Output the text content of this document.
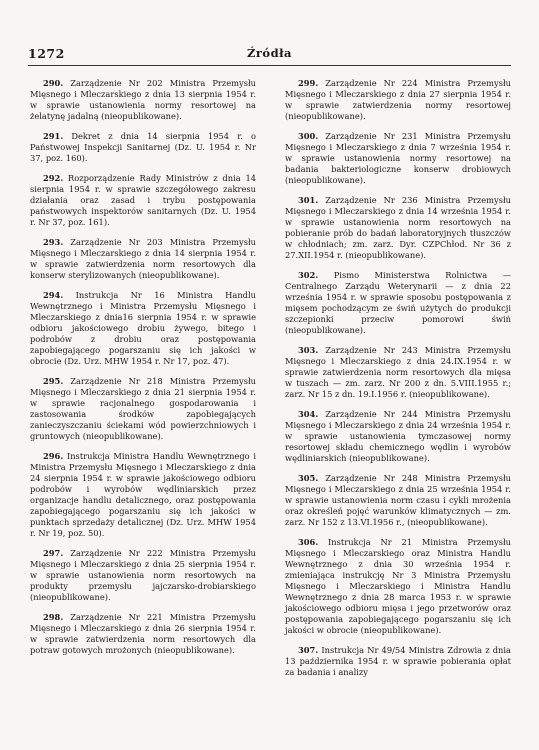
1272	Źródła

290. Zarządzenie Nr 202 Ministra Przemysłu Mięsnego i Mleczarskiego z dnia 13 sierpnia 1954 r. w sprawie ustanowienia normy resortowej na żelatynę jadalną (nieopublikowane).

291. Dekret z dnia 14 sierpnia 1954 r. o Państwowej Inspekcji Sanitarnej (Dz. U. 1954 r. Nr 37, poz. 160).

292. Rozporządzenie Rady Ministrów z dnia 14 sierpnia 1954 r. w sprawie szczegółowego zakresu działania oraz zasad i trybu postępowania państwowych inspektorów sanitarnych (Dz. U. 1954 r. Nr 37, poz. 161).

293. Zarządzenie Nr 203 Ministra Przemysłu Mięsnego i Mleczarskiego z dnia 14 sierpnia 1954 r. w sprawie zatwierdzenia norm resortowych dla konserw sterylizowanych (nieopublikowane).

294. Instrukcja Nr 16 Ministra Handlu Wewnętrznego i Ministra Przemysłu Mięsnego i Mleczarskiego z dnia16 sierpnia 1954 r. w sprawie odbioru jakościowego drobiu żywego, bitego i podrobów z drobiu oraz postępowania zapobiegającego pogarszaniu się ich jakości w obrocie (Dz. Urz. MHW 1954 r. Nr 17, poz. 47).

295. Zarządzenie Nr 218 Ministra Przemysłu Mięsnego i Mleczarskiego z dnia 21 sierpnia 1954 r. w sprawie racjonalnego gospodarowania i zastosowania środków zapobiegających zanieczyszczaniu ściekami wód powierzchniowych i gruntowych (nieopublikowane).

296. Instrukcja Ministra Handlu Wewnętrznego i Ministra Przemysłu Mięsnego i Mleczarskiego z dnia 24 sierpnia 1954 r. w sprawie jakościowego odbioru podrobów i wyrobów wędliniarskich przez organizacje handlu detalicznego, oraz postępowania zapobiegającego pogarszaniu się ich jakości w punktach sprzedaży detalicznej (Dz. Urz. MHW 1954 r. Nr 19, poz. 50).

297. Zarządzenie Nr 222 Ministra Przemysłu Mięsnego i Mleczarskiego z dnia 25 sierpnia 1954 r. w sprawie ustanowienia norm resortowych na produkty przemysłu jajczarsko-drobiarskiego (nieopublikowane).

298. Zarządzenie Nr 221 Ministra Przemysłu Mięsnego i Mleczarskiego z dnia 26 sierpnia 1954 r. w sprawie zatwierdzenia norm resortowych dla potraw gotowych mrożonych (nieopublikowane).

299. Zarządzenie Nr 224 Ministra Przemysłu Mięsnego i Mleczarskiego z dnia 27 sierpnia 1954 r. w sprawie zatwierdzenia normy resortowej (nieopublikowane).

300. Zarządzenie Nr 231 Ministra Przemysłu Mięsnego i Mleczarskiego z dnia 7 września 1954 r. w sprawie ustanowienia normy resortowej na badania bakteriologiczne konserw drobiowych (nieopublikowane).

301. Zarządzenie Nr 236 Ministra Przemysłu Mięsnego i Mleczarskiego z dnia 14 września 1954 r. w sprawie ustanowienia norm resortowych na pobieranie prób do badań laboratoryjnych tłuszczów w chłodniach; zm. zarz. Dyr. CZPChłod. Nr 36 z 27.XII.1954 r. (nieopublikowane).

302. Pismo Ministerstwa Rolnictwa — Centralnego Zarządu Weterynarii — z dnia 22 września 1954 r. w sprawie sposobu postępowania z mięsem pochodzącym ze świń użytych do produkcji szczepionki przeciw pomorowi świń (nieopublikowane).

303. Zarządzenie Nr 243 Ministra Przemysłu Mięsnego i Mleczarskiego z dnia 24.IX.1954 r. w sprawie zatwierdzenia norm resortowych dla mięsa w tuszach — zm. zarz. Nr 200 z dn. 5.VIII.1955 r.; zarz. Nr 15 z dn. 19.I.1956 r. (nieopublikowane).

304. Zarządzenie Nr 244 Ministra Przemysłu Mięsnego i Mleczarskiego z dnia 24 września 1954 r. w sprawie ustanowienia tymczasowej normy resortowej składu chemicznego wędlin i wyrobów wędliniarskich (nieopublikowane).

305. Zarządzenie Nr 248 Ministra Przemysłu Mięsnego i Mleczarskiego z dnia 25 września 1954 r. w sprawie ustanowienia norm czasu i cykli mrożenia oraz określeń pojęć warunków klimatycznych — zm. zarz. Nr 152 z 13.VI.1956 r., (nieopublikowane).

306. Instrukcja Nr 21 Ministra Przemysłu Mięsnego i Mleczarskiego oraz Ministra Handlu Wewnętrznego z dnia 30 września 1954 r. zmieniająca instrukcję Nr 3 Ministra Przemysłu Mięsnego i Mleczarskiego i Ministra Handlu Wewnętrznego z dnia 28 marca 1953 r. w sprawie jakościowego odbioru mięsa i jego przetworów oraz postępowania zapobiegającego pogarszaniu się ich jakości w obrocie (nieopublikowane).

307. Instrukcja Nr 49/54 Ministra Zdrowia z dnia 13 października 1954 r. w sprawie pobierania opłat za badania i analizy
